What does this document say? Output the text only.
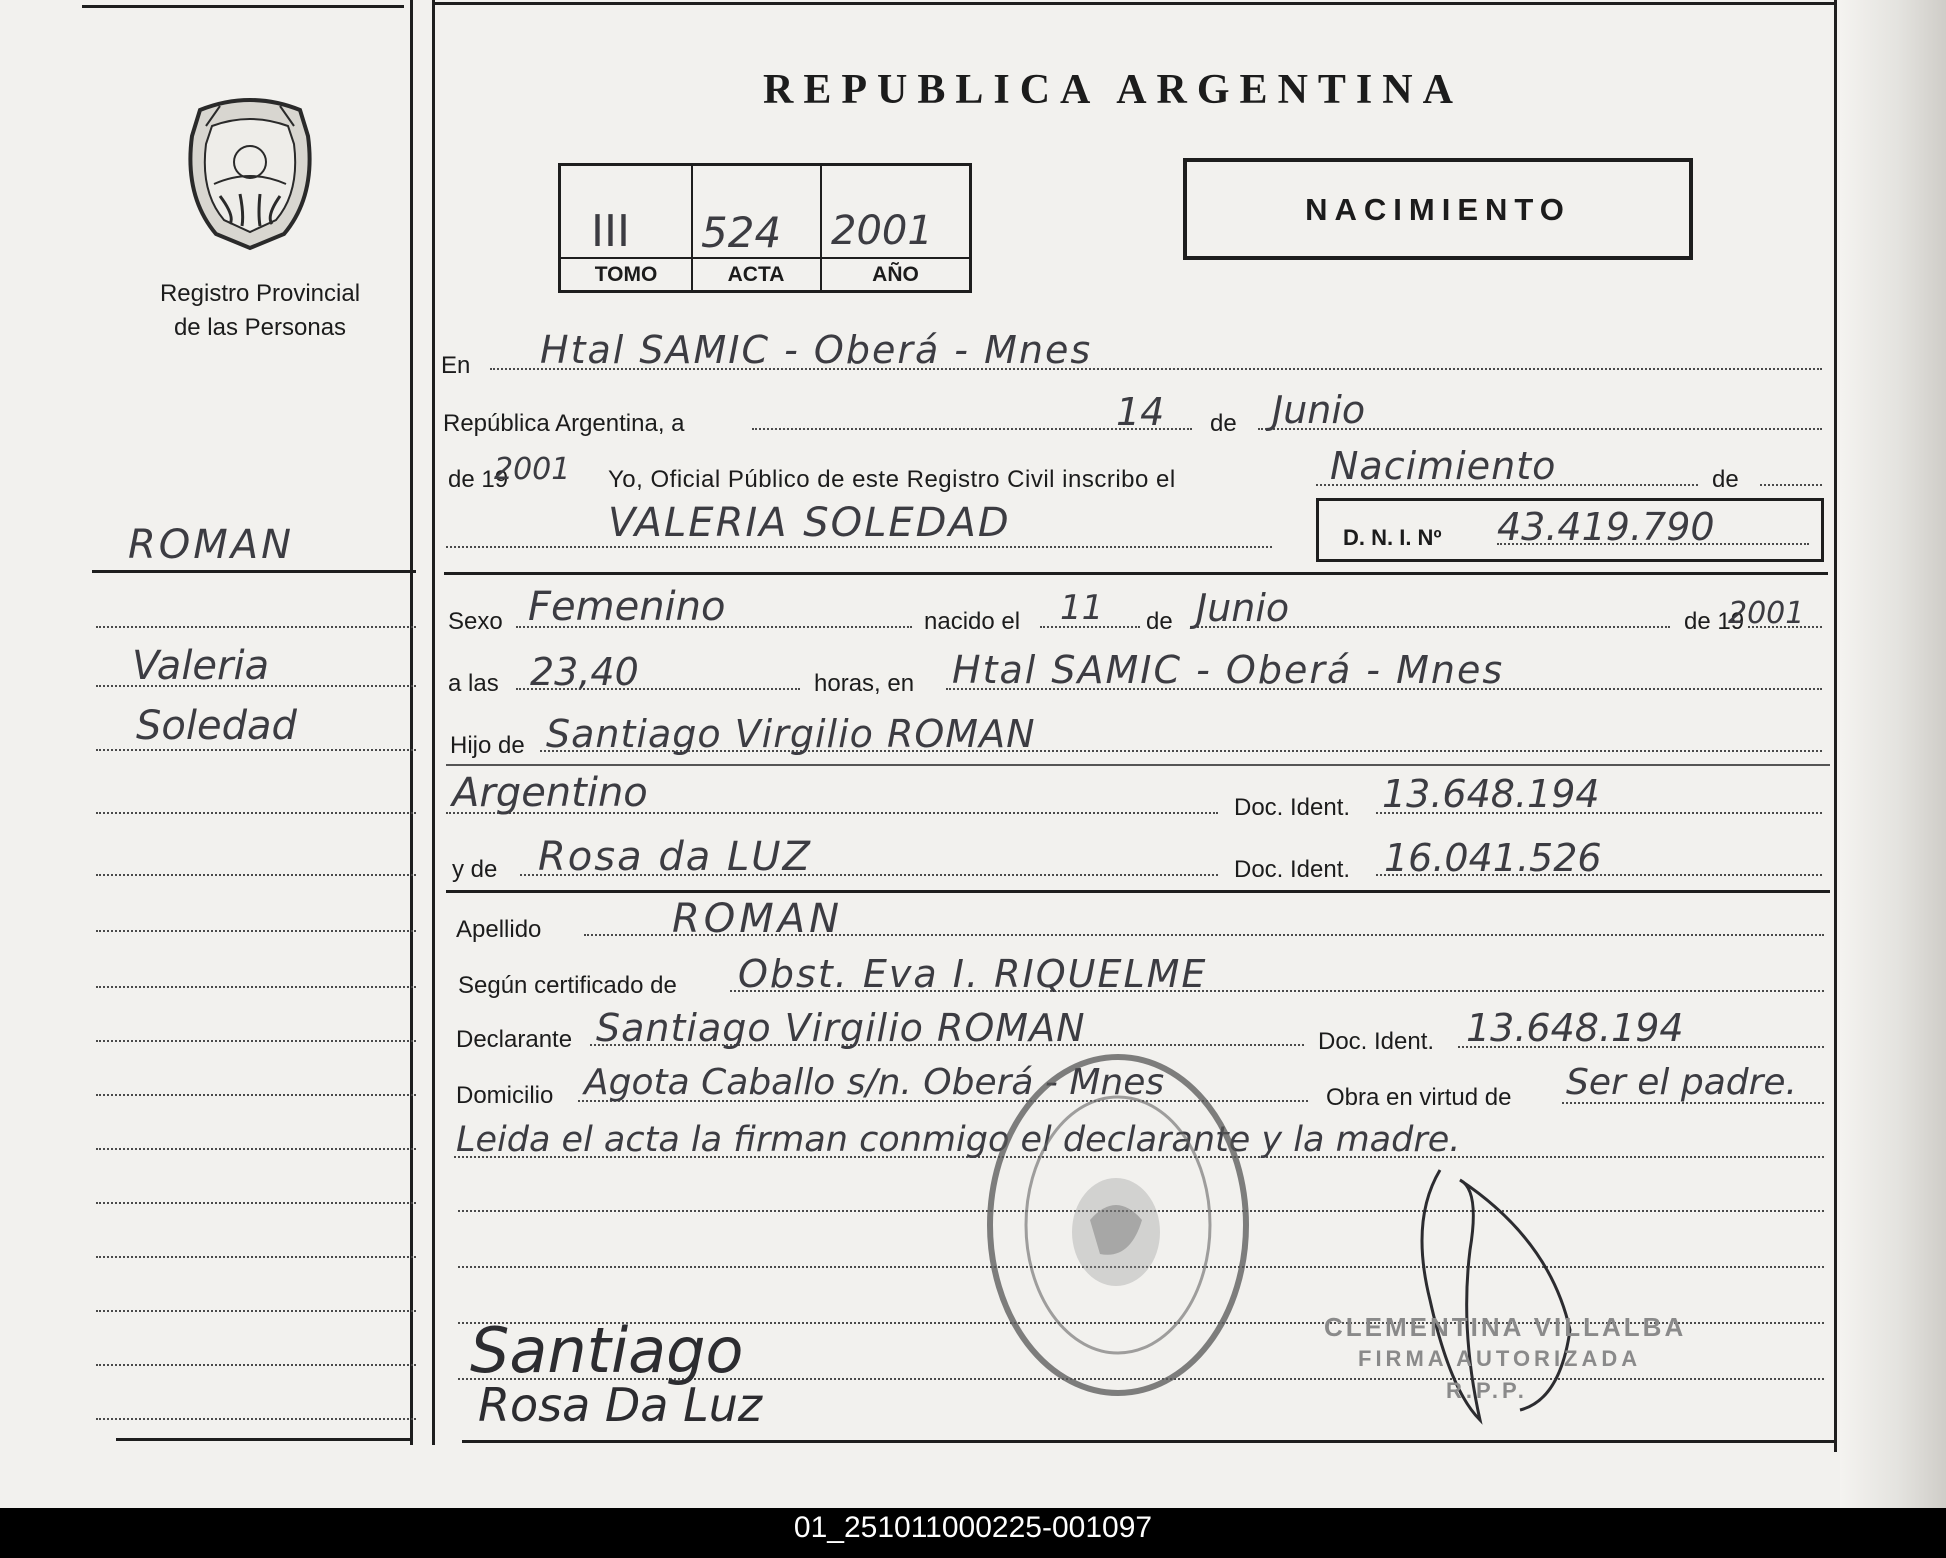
Registro Provincial
de las Personas
ROMAN
Valeria
Soledad
REPUBLICA ARGENTINA
III 524 2001
TOMO	ACTA	AÑO
NACIMIENTO
En Htal SAMIC - Oberá - Mnes
República Argentina, a	14 de Junio
de 19
2001 Yo, Oficial Público de este Registro Civil inscribo el	Nacimiento	de
VALERIA SOLEDAD	D. N. I. Nº 43.419.790
Sexo Femenino	nacido el 11 de Junio	de 19
2001
a las 23,40	horas, en Htal SAMIC - Oberá - Mnes
Hijo de Santiago Virgilio ROMAN
Argentino	Doc. Ident. 13.648.194
y de Rosa da LUZ	Doc. Ident. 16.041.526
Apellido	ROMAN
Según certificado de Obst. Eva I. RIQUELME
Declarante Santiago Virgilio ROMAN	Doc. Ident. 13.648.194
Domicilio Agota Caballo s/n. Oberá - Mnes	Obra en virtud de Ser el padre.
Leida el acta la firman conmigo el declarante y la madre.
Santiago
Rosa Da Luz
CLEMENTINA VILLALBA
FIRMA AUTORIZADA
R.P.P.
01_251011000225-001097
